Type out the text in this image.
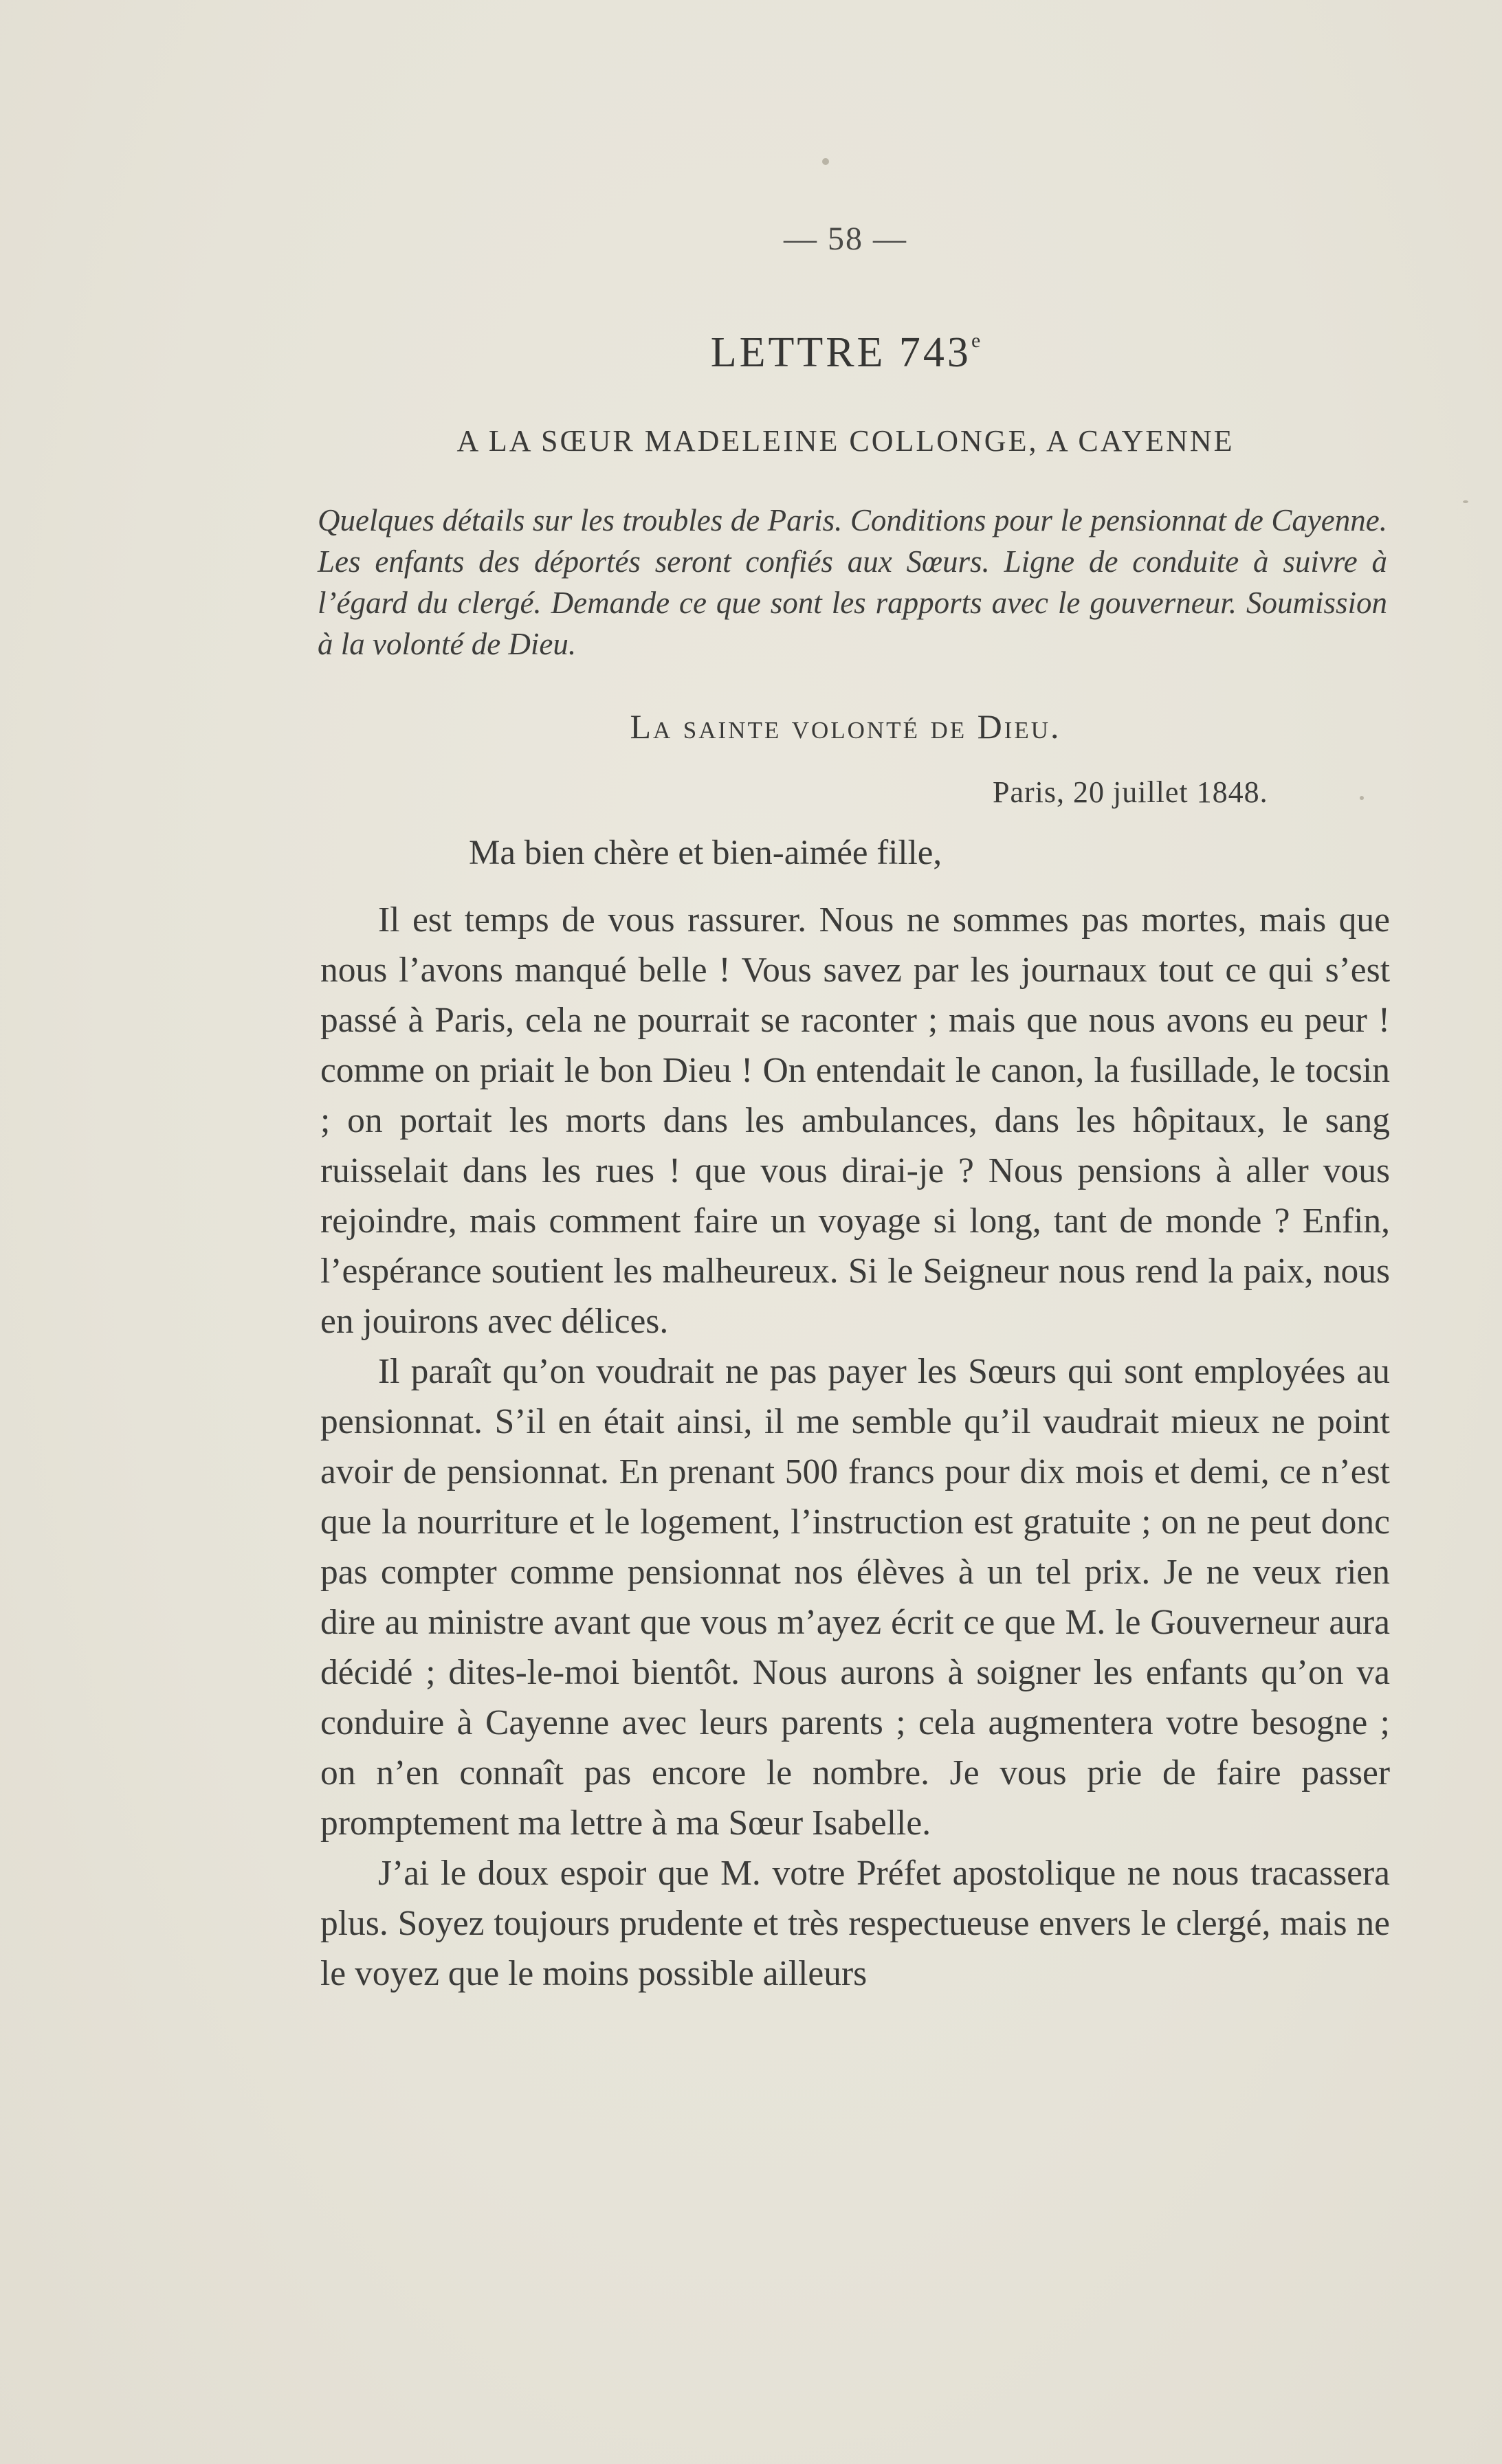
— 58 —
LETTRE 743e
A LA SŒUR MADELEINE COLLONGE, A CAYENNE
Quelques détails sur les troubles de Paris. Conditions pour le pensionnat de Cayenne. Les enfants des déportés seront confiés aux Sœurs. Ligne de conduite à suivre à l’égard du clergé. Demande ce que sont les rapports avec le gouverneur. Soumission à la volonté de Dieu.
La sainte volonté de Dieu.
Paris, 20 juillet 1848.
Ma bien chère et bien-aimée fille,

Il est temps de vous rassurer. Nous ne sommes pas mortes, mais que nous l’avons manqué belle ! Vous savez par les journaux tout ce qui s’est passé à Paris, cela ne pourrait se raconter ; mais que nous avons eu peur ! comme on priait le bon Dieu ! On entendait le canon, la fusillade, le tocsin ; on portait les morts dans les ambulances, dans les hôpitaux, le sang ruisselait dans les rues ! que vous dirai-je ? Nous pensions à aller vous rejoindre, mais comment faire un voyage si long, tant de monde ? Enfin, l’espérance soutient les malheureux. Si le Seigneur nous rend la paix, nous en jouirons avec délices.

Il paraît qu’on voudrait ne pas payer les Sœurs qui sont employées au pensionnat. S’il en était ainsi, il me semble qu’il vaudrait mieux ne point avoir de pensionnat. En prenant 500 francs pour dix mois et demi, ce n’est que la nourriture et le logement, l’instruction est gratuite ; on ne peut donc pas compter comme pensionnat nos élèves à un tel prix. Je ne veux rien dire au ministre avant que vous m’ayez écrit ce que M. le Gouverneur aura décidé ; dites-le-moi bientôt. Nous aurons à soigner les enfants qu’on va conduire à Cayenne avec leurs parents ; cela augmentera votre besogne ; on n’en connaît pas encore le nombre. Je vous prie de faire passer promptement ma lettre à ma Sœur Isabelle.

J’ai le doux espoir que M. votre Préfet apostolique ne nous tracassera plus. Soyez toujours prudente et très respectueuse envers le clergé, mais ne le voyez que le moins possible ailleurs
